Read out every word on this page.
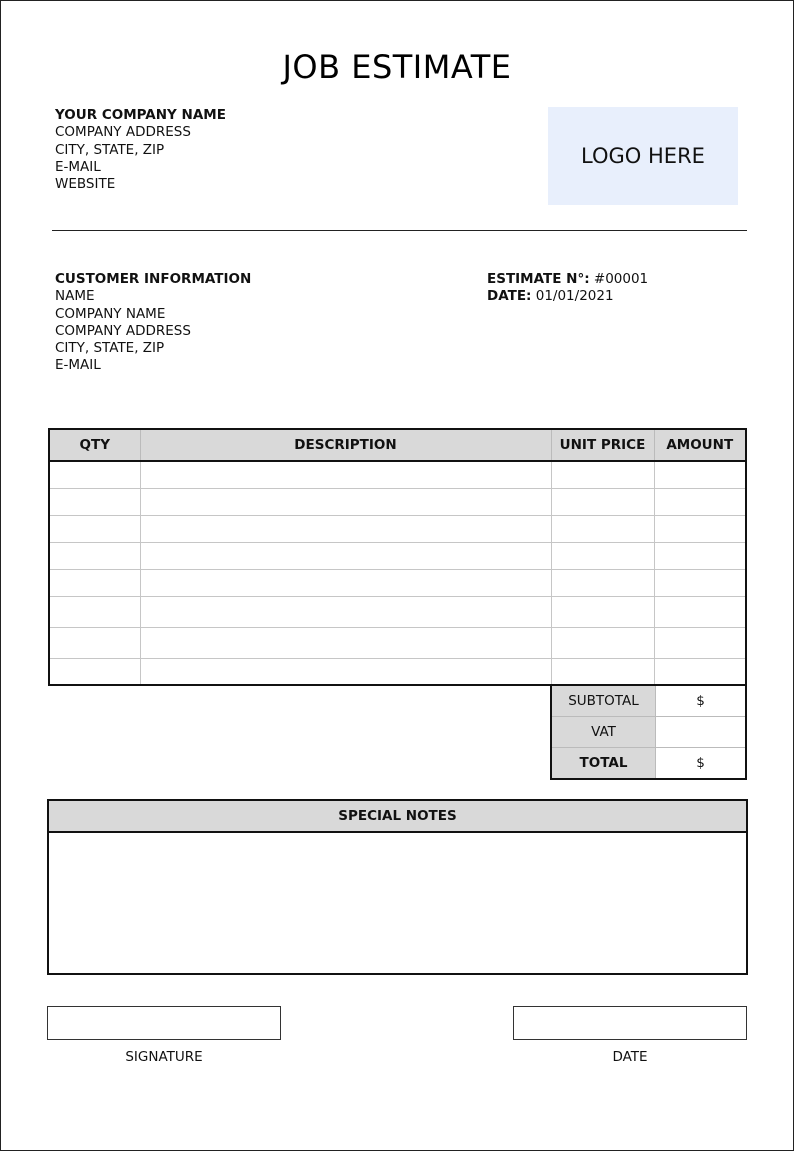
JOB ESTIMATE
YOUR COMPANY NAME
COMPANY ADDRESS
CITY, STATE, ZIP
E-MAIL
WEBSITE
LOGO HERE
CUSTOMER INFORMATION
NAME
COMPANY NAME
COMPANY ADDRESS
CITY, STATE, ZIP
E-MAIL
ESTIMATE N°: #00001
DATE: 01/01/2021
QTY	DESCRIPTION	UNIT PRICE	AMOUNT

SUBTOTAL	$
VAT	
TOTAL	$
SPECIAL NOTES
SIGNATURE	DATE
